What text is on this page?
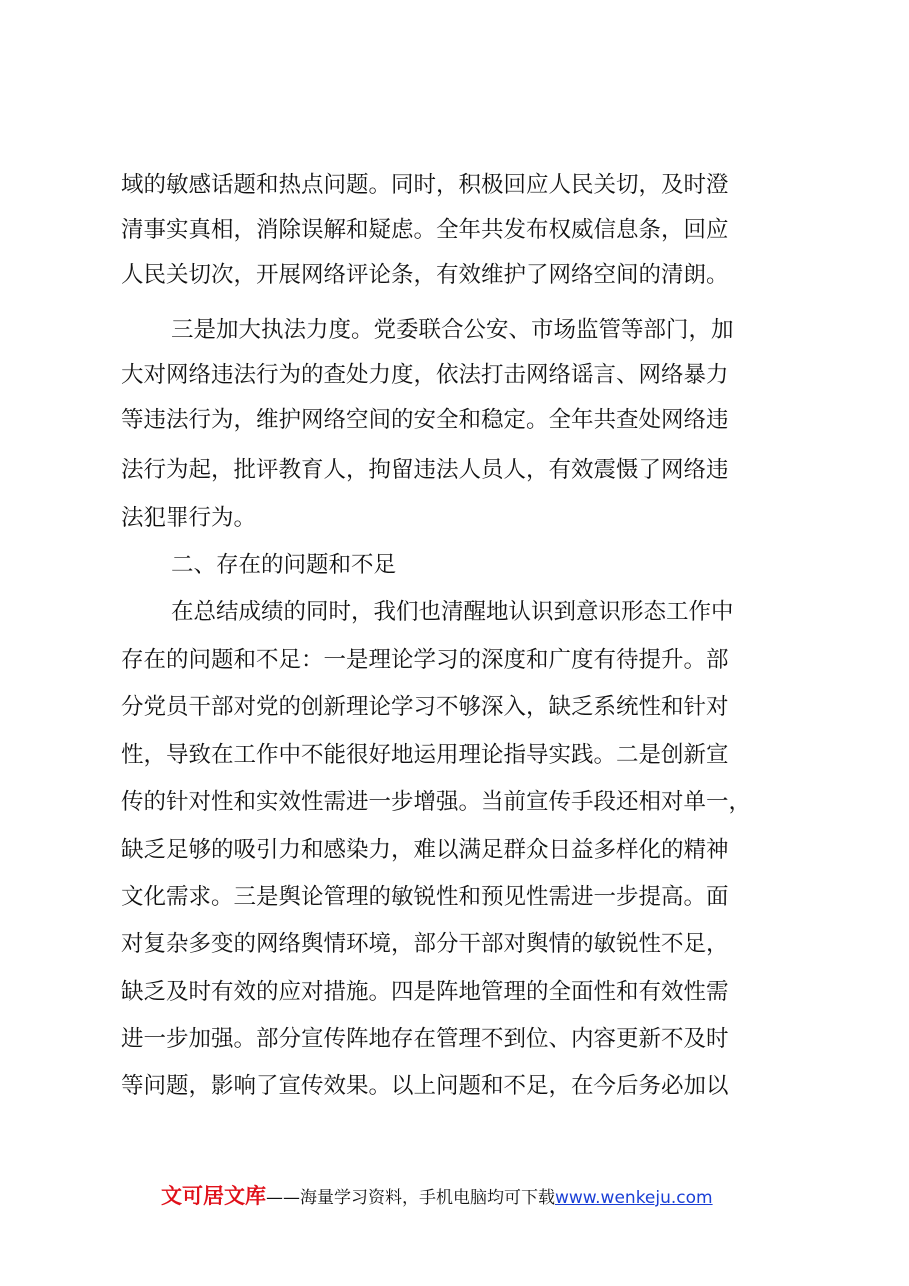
域的敏感话题和热点问题。同时，积极回应人民关切，及时澄
清事实真相，消除误解和疑虑。全年共发布权威信息条，回应
人民关切次，开展网络评论条，有效维护了网络空间的清朗。
三是加大执法力度。党委联合公安、市场监管等部门，加
大对网络违法行为的查处力度，依法打击网络谣言、网络暴力
等违法行为，维护网络空间的安全和稳定。全年共查处网络违
法行为起，批评教育人，拘留违法人员人，有效震慑了网络违
法犯罪行为。
二、存在的问题和不足
在总结成绩的同时，我们也清醒地认识到意识形态工作中
存在的问题和不足：一是理论学习的深度和广度有待提升。部
分党员干部对党的创新理论学习不够深入，缺乏系统性和针对
性，导致在工作中不能很好地运用理论指导实践。二是创新宣
传的针对性和实效性需进一步增强。当前宣传手段还相对单一，
缺乏足够的吸引力和感染力，难以满足群众日益多样化的精神
文化需求。三是舆论管理的敏锐性和预见性需进一步提高。面
对复杂多变的网络舆情环境，部分干部对舆情的敏锐性不足，
缺乏及时有效的应对措施。四是阵地管理的全面性和有效性需
进一步加强。部分宣传阵地存在管理不到位、内容更新不及时
等问题，影响了宣传效果。以上问题和不足，在今后务必加以
文可居文库——海量学习资料，手机电脑均可下载www.wenkeju.com
